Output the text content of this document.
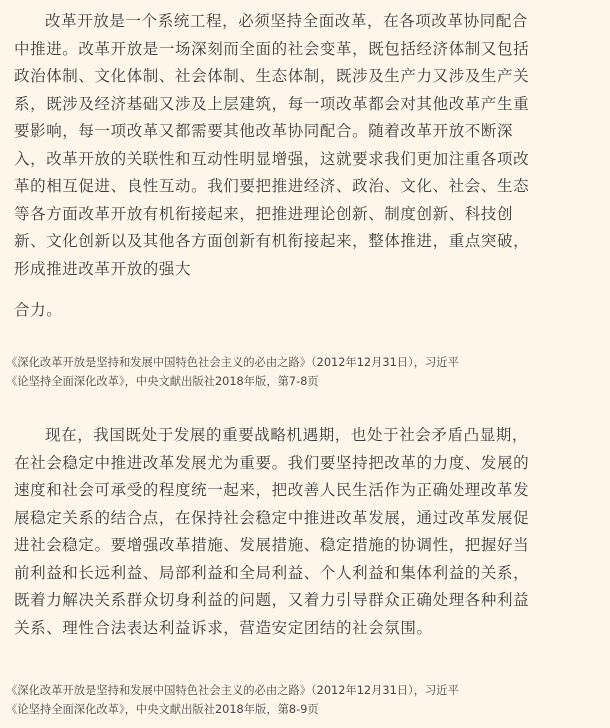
改革开放是一个系统工程，必须坚持全面改革，在各项改革协同配合
中推进。改革开放是一场深刻而全面的社会变革，既包括经济体制又包括
政治体制、文化体制、社会体制、生态体制，既涉及生产力又涉及生产关
系，既涉及经济基础又涉及上层建筑，每一项改革都会对其他改革产生重
要影响，每一项改革又都需要其他改革协同配合。随着改革开放不断深
入，改革开放的关联性和互动性明显增强，这就要求我们更加注重各项改
革的相互促进、良性互动。我们要把推进经济、政治、文化、社会、生态
等各方面改革开放有机衔接起来，把推进理论创新、制度创新、科技创
新、文化创新以及其他各方面创新有机衔接起来，整体推进，重点突破，
形成推进改革开放的强大
合力。
《深化改革开放是坚持和发展中国特色社会主义的必由之路》（2012年12月31日），习近平
《论坚持全面深化改革》，中央文献出版社2018年版，第7-8页
现在，我国既处于发展的重要战略机遇期，也处于社会矛盾凸显期，
在社会稳定中推进改革发展尤为重要。我们要坚持把改革的力度、发展的
速度和社会可承受的程度统一起来，把改善人民生活作为正确处理改革发
展稳定关系的结合点，在保持社会稳定中推进改革发展，通过改革发展促
进社会稳定。要增强改革措施、发展措施、稳定措施的协调性，把握好当
前利益和长远利益、局部利益和全局利益、个人利益和集体利益的关系，
既着力解决关系群众切身利益的问题，又着力引导群众正确处理各种利益
关系、理性合法表达利益诉求，营造安定团结的社会氛围。
《深化改革开放是坚持和发展中国特色社会主义的必由之路》（2012年12月31日），习近平
《论坚持全面深化改革》，中央文献出版社2018年版，第8-9页
